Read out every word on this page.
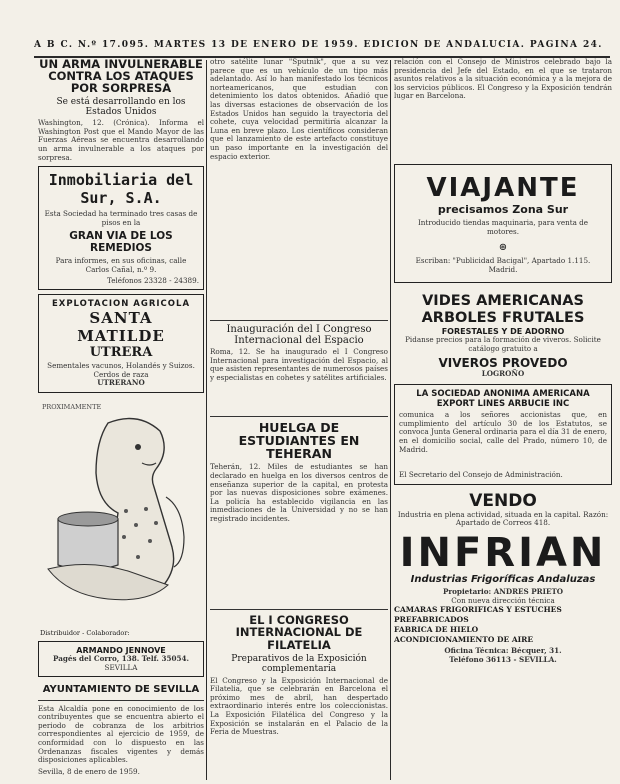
A B C. N.º 17.095. MARTES 13 DE ENERO DE 1959. EDICION DE ANDALUCIA. PAGINA 24.
UN ARMA INVULNERABLE CONTRA LOS ATAQUES POR SORPRESA
Se está desarrollando en los Estados Unidos
Washington, 12. (Crónica). Informa el Washington Post que el Mando Mayor de las Fuerzas Aéreas se encuentra desarrollando un arma invulnerable a los ataques por sorpresa.
Inmobiliaria del Sur, S.A.
Esta Sociedad ha terminado tres casas de pisos en la
GRAN VIA DE LOS REMEDIOS
Para informes, en sus oficinas, calle Carlos Cañal, n.º 9.
Teléfonos 23328 - 24389.
EXPLOTACION AGRICOLA
SANTA MATILDE
UTRERA
Sementales vacunos, Holandés y Suizos. Cerdos de raza
UTRERANO
PROXIMAMENTE
Distribuidor - Colaborador:
ARMANDO JENNOVE
Pagés del Corro, 138. Telf. 35054.
SEVILLA
AYUNTAMIENTO DE SEVILLA
Esta Alcaldía pone en conocimiento de los contribuyentes que se encuentra abierto el periodo de cobranza de los arbitrios correspondientes al ejercicio de 1959, de conformidad con lo dispuesto en las Ordenanzas fiscales vigentes y demás disposiciones aplicables.
Sevilla, 8 de enero de 1959.
otro satélite lunar "Sputnik", que a su vez parece que es un vehículo de un tipo más adelantado. Así lo han manifestado los técnicos norteamericanos, que estudian con detenimiento los datos obtenidos. Añadió que las diversas estaciones de observación de los Estados Unidos han seguido la trayectoria del cohete, cuya velocidad permitiría alcanzar la Luna en breve plazo. Los científicos consideran que el lanzamiento de este artefacto constituye un paso importante en la investigación del espacio exterior.
Inauguración del I Congreso Internacional del Espacio
Roma, 12. Se ha inaugurado el I Congreso Internacional para investigación del Espacio, al que asisten representantes de numerosos países y especialistas en cohetes y satélites artificiales.
HUELGA DE ESTUDIANTES EN TEHERAN
Teherán, 12. Miles de estudiantes se han declarado en huelga en los diversos centros de enseñanza superior de la capital, en protesta por las nuevas disposiciones sobre exámenes. La policía ha establecido vigilancia en las inmediaciones de la Universidad y no se han registrado incidentes.
EL I CONGRESO INTERNACIONAL DE FILATELIA
Preparativos de la Exposición complementaria
El Congreso y la Exposición Internacional de Filatelia, que se celebrarán en Barcelona el próximo mes de abril, han despertado extraordinario interés entre los coleccionistas. La Exposición Filatélica del Congreso y la Exposición se instalarán en el Palacio de la Feria de Muestras.
relación con el Consejo de Ministros celebrado bajo la presidencia del Jefe del Estado, en el que se trataron asuntos relativos a la situación económica y a la mejora de los servicios públicos. El Congreso y la Exposición tendrán lugar en Barcelona.
VIAJANTE
precisamos Zona Sur
Introducido tiendas maquinaria, para venta de motores.
⊛
Escriban: "Publicidad Bacigal", Apartado 1.115. Madrid.
VIDES AMERICANAS ARBOLES FRUTALES
FORESTALES Y DE ADORNO
Pidanse precios para la formación de viveros. Solicite catálogo gratuito a
VIVEROS PROVEDO
LOGROÑO
LA SOCIEDAD ANONIMA AMERICANA EXPORT LINES ARBUCIE INC
comunica a los señores accionistas que, en cumplimiento del artículo 30 de los Estatutos, se convoca Junta General ordinaria para el día 31 de enero, en el domicilio social, calle del Prado, número 10, de Madrid.
El Secretario del Consejo de Administración.
VENDO
Industria en plena actividad, situada en la capital. Razón: Apartado de Correos 418.
INFRIAN
Industrias Frigoríficas Andaluzas
Propietario: ANDRES PRIETO
Con nueva dirección técnica
CAMARAS FRIGORIFICAS Y ESTUCHES PREFABRICADOS
FABRICA DE HIELO
ACONDICIONAMIENTO DE AIRE
Oficina Técnica: Bécquer, 31.
Teléfono 36113 - SEVILLA.
